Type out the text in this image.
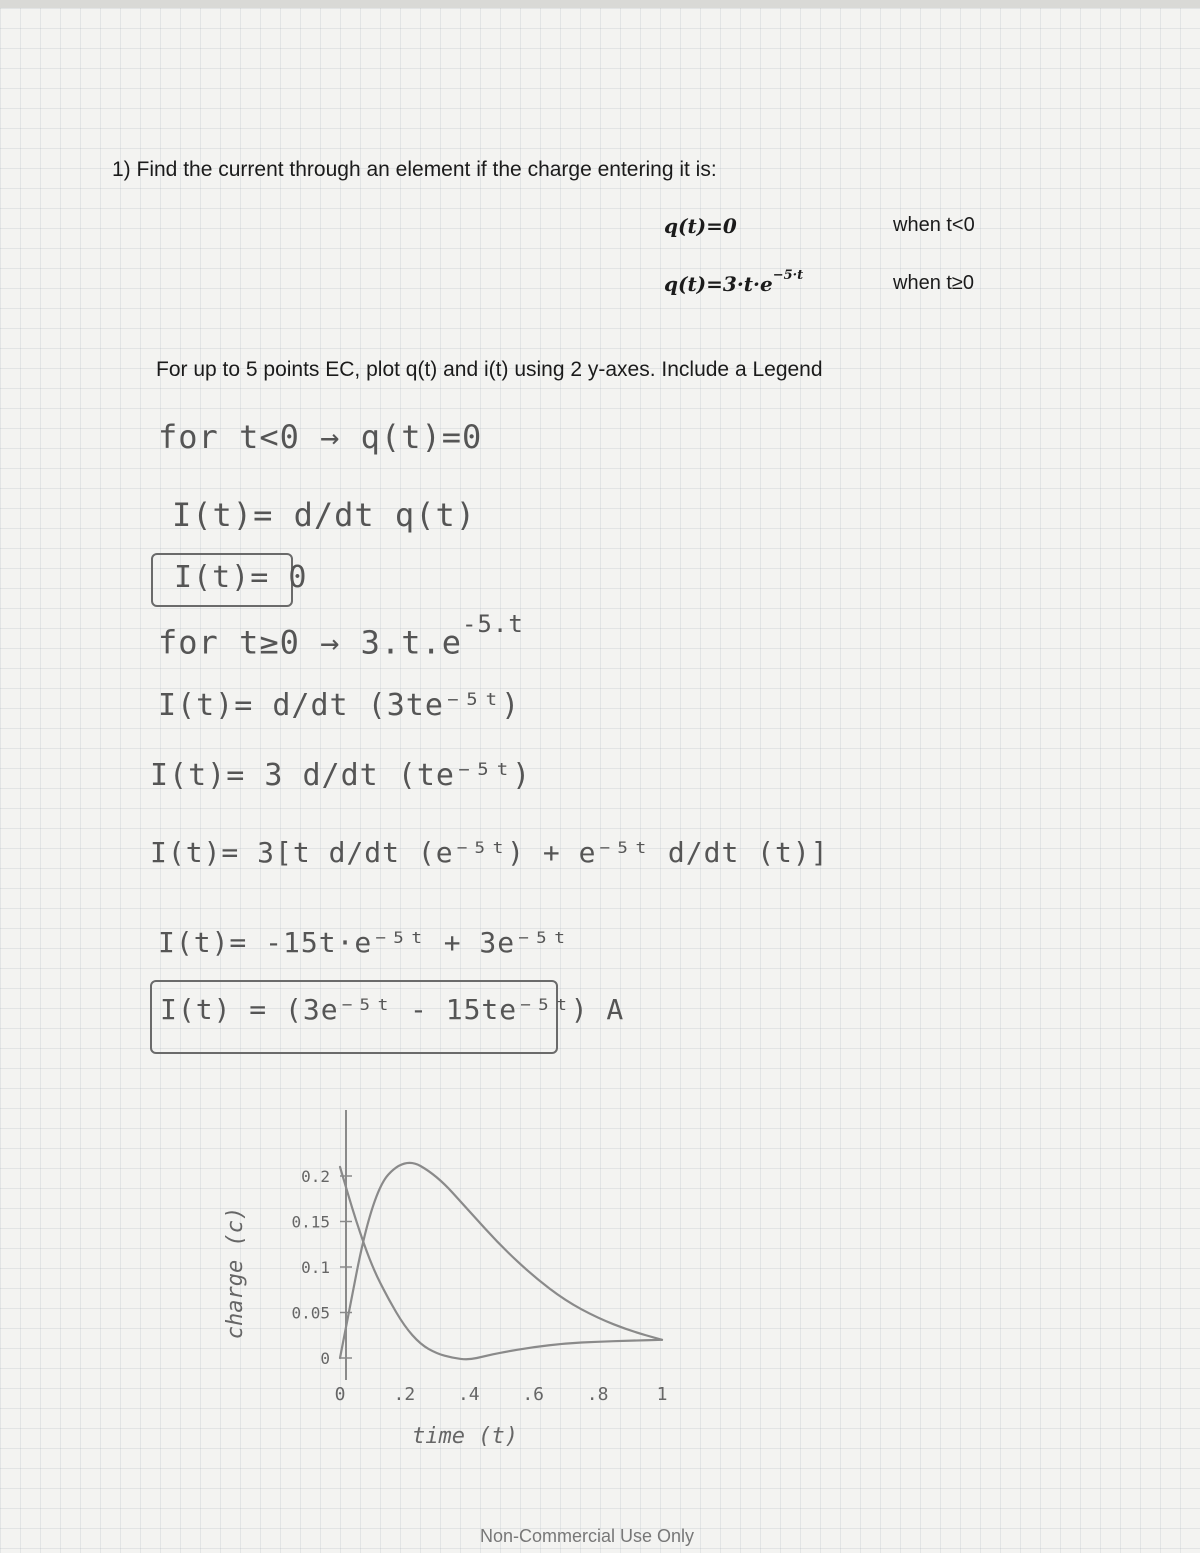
1) Find the current through an element if the charge entering it is:
q(t)=0	when t<0
$q(t)=3\cdot t\cdot e^{-5\cdot t}$	when t≥0
For up to 5 points EC, plot q(t) and i(t) using 2 y-axes. Include a Legend
for t<0 → q(t)=0
I(t)= d/dt q(t)
I(t)= 0
for $t\ge 0 \to 3.t.e^{-5.t}$
I(t)= d/dt (3te⁻⁵ᵗ)
I(t)= 3 d/dt (te⁻⁵ᵗ)
I(t)= 3[t d/dt (e⁻⁵ᵗ) + e⁻⁵ᵗ d/dt (t)]
I(t)= -15t·e⁻⁵ᵗ + 3e⁻⁵ᵗ
I(t) = (3e⁻⁵ᵗ - 15te⁻⁵ᵗ) A
0
0.05
0.1
0.15
0.2
0	.2 .4 .6 .8	1
time (t)
charge (c)
Non-Commercial Use Only
